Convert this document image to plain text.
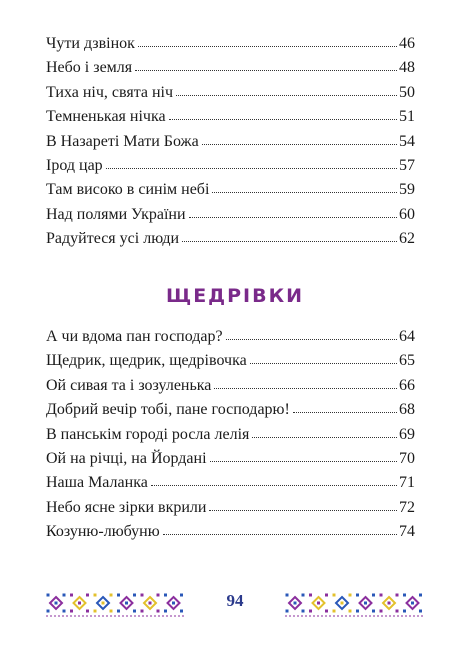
Чути дзвінок	46
Небо і земля	48
Тиха ніч, свята ніч	50
Темненькая нічка	51
В Назареті Мати Божа	54
Ірод цар	57
Там високо в синім небі	59
Над полями України	60
Радуйтеся усі люди	62
ЩЕДРІВКИ
А чи вдома пан господар?	64
Щедрик, щедрик, щедрівочка	65
Ой сивая та і зозуленька	66
Добрий вечір тобі, пане господарю!	68
В панськім городі росла лелія	69
Ой на річці, на Йордані	70
Наша Маланка	71
Небо ясне зірки вкрили	72
Козуню-любуню	74
94
